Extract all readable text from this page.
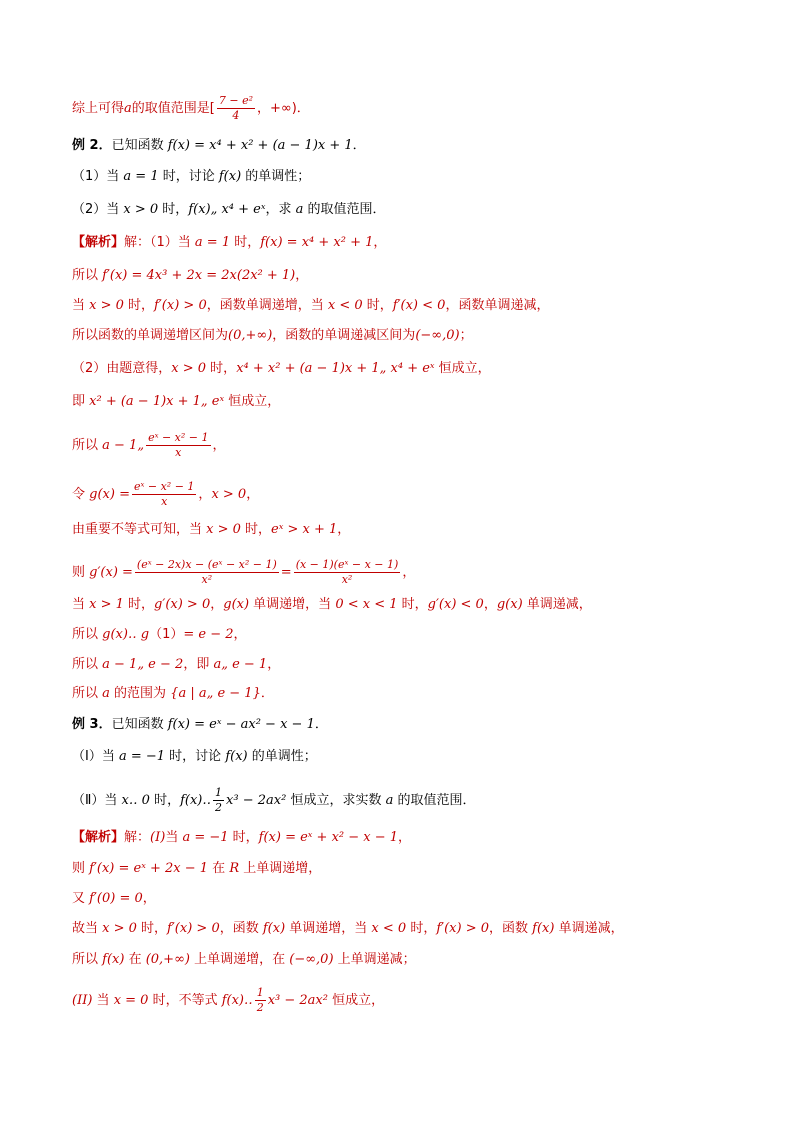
综上可得a的取值范围是[ $\frac{\text{7 − e²}}{4}$ ，+∞)．
例 2．已知函数 f(x) = x⁴ + x² + (a − 1)x + 1．
（1）当 a = 1 时，讨论 f(x) 的单调性；
（2）当 x > 0 时，f(x)„ x⁴ + eˣ，求 a 的取值范围．
【解析】解：（1）当 a = 1 时，f(x) = x⁴ + x² + 1，
所以 f′(x) = 4x³ + 2x = 2x(2x² + 1)，
当 x > 0 时，f′(x) > 0，函数单调递增，当 x < 0 时，f′(x) < 0，函数单调递减，
所以函数的单调递增区间为(0,+∞)，函数的单调递减区间为(−∞,0)；
（2）由题意得，x > 0 时，x⁴ + x² + (a − 1)x + 1„ x⁴ + eˣ 恒成立，
即 x² + (a − 1)x + 1„ eˣ 恒成立，
所以 a − 1„ $\frac{\text{eˣ − x² − 1}}{x}$ ，
令 $g(x) = \frac{\text{eˣ − x² − 1}}{x}$ ，x > 0，
由重要不等式可知，当 x > 0 时，eˣ > x + 1，
则 $g'(x) = \frac{\text{(eˣ − 2x)x − (eˣ − x² − 1)}}{\text{x²}} = \frac{\text{(x − 1)(eˣ − x − 1)}}{\text{x²}}$ ，
当 x > 1 时，g′(x) > 0，g(x) 单调递增，当 0 < x < 1 时，g′(x) < 0，g(x) 单调递减，
所以 g(x)‥ g（1）= e − 2，
所以 a − 1„ e − 2，即 a„ e − 1，
所以 a 的范围为 {a | a„ e − 1}．
例 3．已知函数 f(x) = eˣ − ax² − x − 1．
（Ⅰ）当 a = −1 时，讨论 f(x) 的单调性；
（Ⅱ）当 x‥ 0 时，f(x)‥ $\frac{1}{2} x^3 - 2ax^2$ 恒成立，求实数 a 的取值范围．
【解析】解：(I)当 a = −1 时，f(x) = eˣ + x² − x − 1，
则 f′(x) = eˣ + 2x − 1 在 R 上单调递增，
又 f′(0) = 0，
故当 x > 0 时，f′(x) > 0，函数 f(x) 单调递增，当 x < 0 时，f′(x) > 0，函数 f(x) 单调递减，
所以 f(x) 在 (0,+∞) 上单调递增，在 (−∞,0) 上单调递减；
(II) 当 x = 0 时，不等式 f(x)‥ $\frac{1}{2} x^3 - 2ax^2$ 恒成立，
